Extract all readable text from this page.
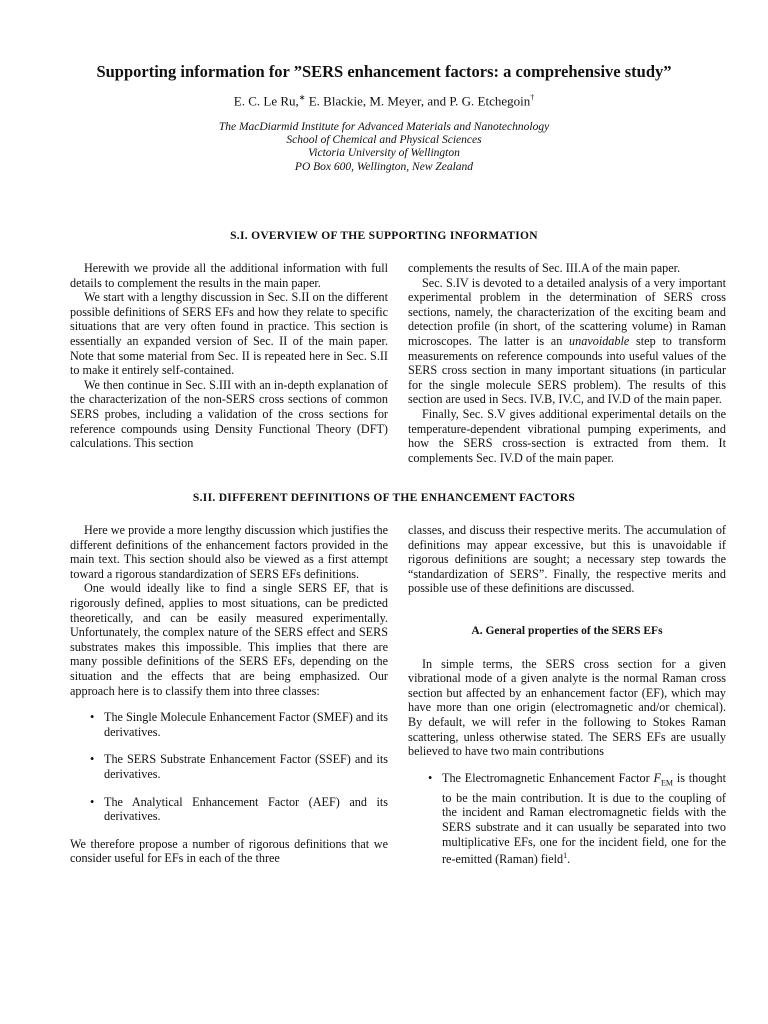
Supporting information for ”SERS enhancement factors: a comprehensive study”
E. C. Le Ru,∗ E. Blackie, M. Meyer, and P. G. Etchegoin†
The MacDiarmid Institute for Advanced Materials and Nanotechnology
School of Chemical and Physical Sciences
Victoria University of Wellington
PO Box 600, Wellington, New Zealand
S.I. OVERVIEW OF THE SUPPORTING INFORMATION

Herewith we provide all the additional information with full details to complement the results in the main paper.

We start with a lengthy discussion in Sec. S.II on the different possible definitions of SERS EFs and how they relate to specific situations that are very often found in practice. This section is essentially an expanded version of Sec. II of the main paper. Note that some material from Sec. II is repeated here in Sec. S.II to make it entirely self-contained.

We then continue in Sec. S.III with an in-depth explanation of the characterization of the non-SERS cross sections of common SERS probes, including a validation of the cross sections for reference compounds using Density Functional Theory (DFT) calculations. This section

complements the results of Sec. III.A of the main paper.

Sec. S.IV is devoted to a detailed analysis of a very important experimental problem in the determination of SERS cross sections, namely, the characterization of the exciting beam and detection profile (in short, of the scattering volume) in Raman microscopes. The latter is an unavoidable step to transform measurements on reference compounds into useful values of the SERS cross section in many important situations (in particular for the single molecule SERS problem). The results of this section are used in Secs. IV.B, IV.C, and IV.D of the main paper.

Finally, Sec. S.V gives additional experimental details on the temperature-dependent vibrational pumping experiments, and how the SERS cross-section is extracted from them. It complements Sec. IV.D of the main paper.

S.II. DIFFERENT DEFINITIONS OF THE ENHANCEMENT FACTORS

Here we provide a more lengthy discussion which justifies the different definitions of the enhancement factors provided in the main text. This section should also be viewed as a first attempt toward a rigorous standardization of SERS EFs definitions.

One would ideally like to find a single SERS EF, that is rigorously defined, applies to most situations, can be predicted theoretically, and can be easily measured experimentally. Unfortunately, the complex nature of the SERS effect and SERS substrates makes this impossible. This implies that there are many possible definitions of the SERS EFs, depending on the situation and the effects that are being emphasized. Our approach here is to classify them into three classes:

• The Single Molecule Enhancement Factor (SMEF) and its derivatives.
• The SERS Substrate Enhancement Factor (SSEF) and its derivatives.
• The Analytical Enhancement Factor (AEF) and its derivatives.

We therefore propose a number of rigorous definitions that we consider useful for EFs in each of the three

classes, and discuss their respective merits. The accumulation of definitions may appear excessive, but this is unavoidable if rigorous definitions are sought; a necessary step towards the “standardization of SERS”. Finally, the respective merits and possible use of these definitions are discussed.

A. General properties of the SERS EFs

In simple terms, the SERS cross section for a given vibrational mode of a given analyte is the normal Raman cross section but affected by an enhancement factor (EF), which may have more than one origin (electromagnetic and/or chemical). By default, we will refer in the following to Stokes Raman scattering, unless otherwise stated. The SERS EFs are usually believed to have two main contributions

• The Electromagnetic Enhancement Factor $F_{EM}$ is thought to be the main contribution. It is due to the coupling of the incident and Raman electromagnetic fields with the SERS substrate and it can usually be separated into two multiplicative EFs, one for the incident field, one for the re-emitted (Raman) field$^1$.
